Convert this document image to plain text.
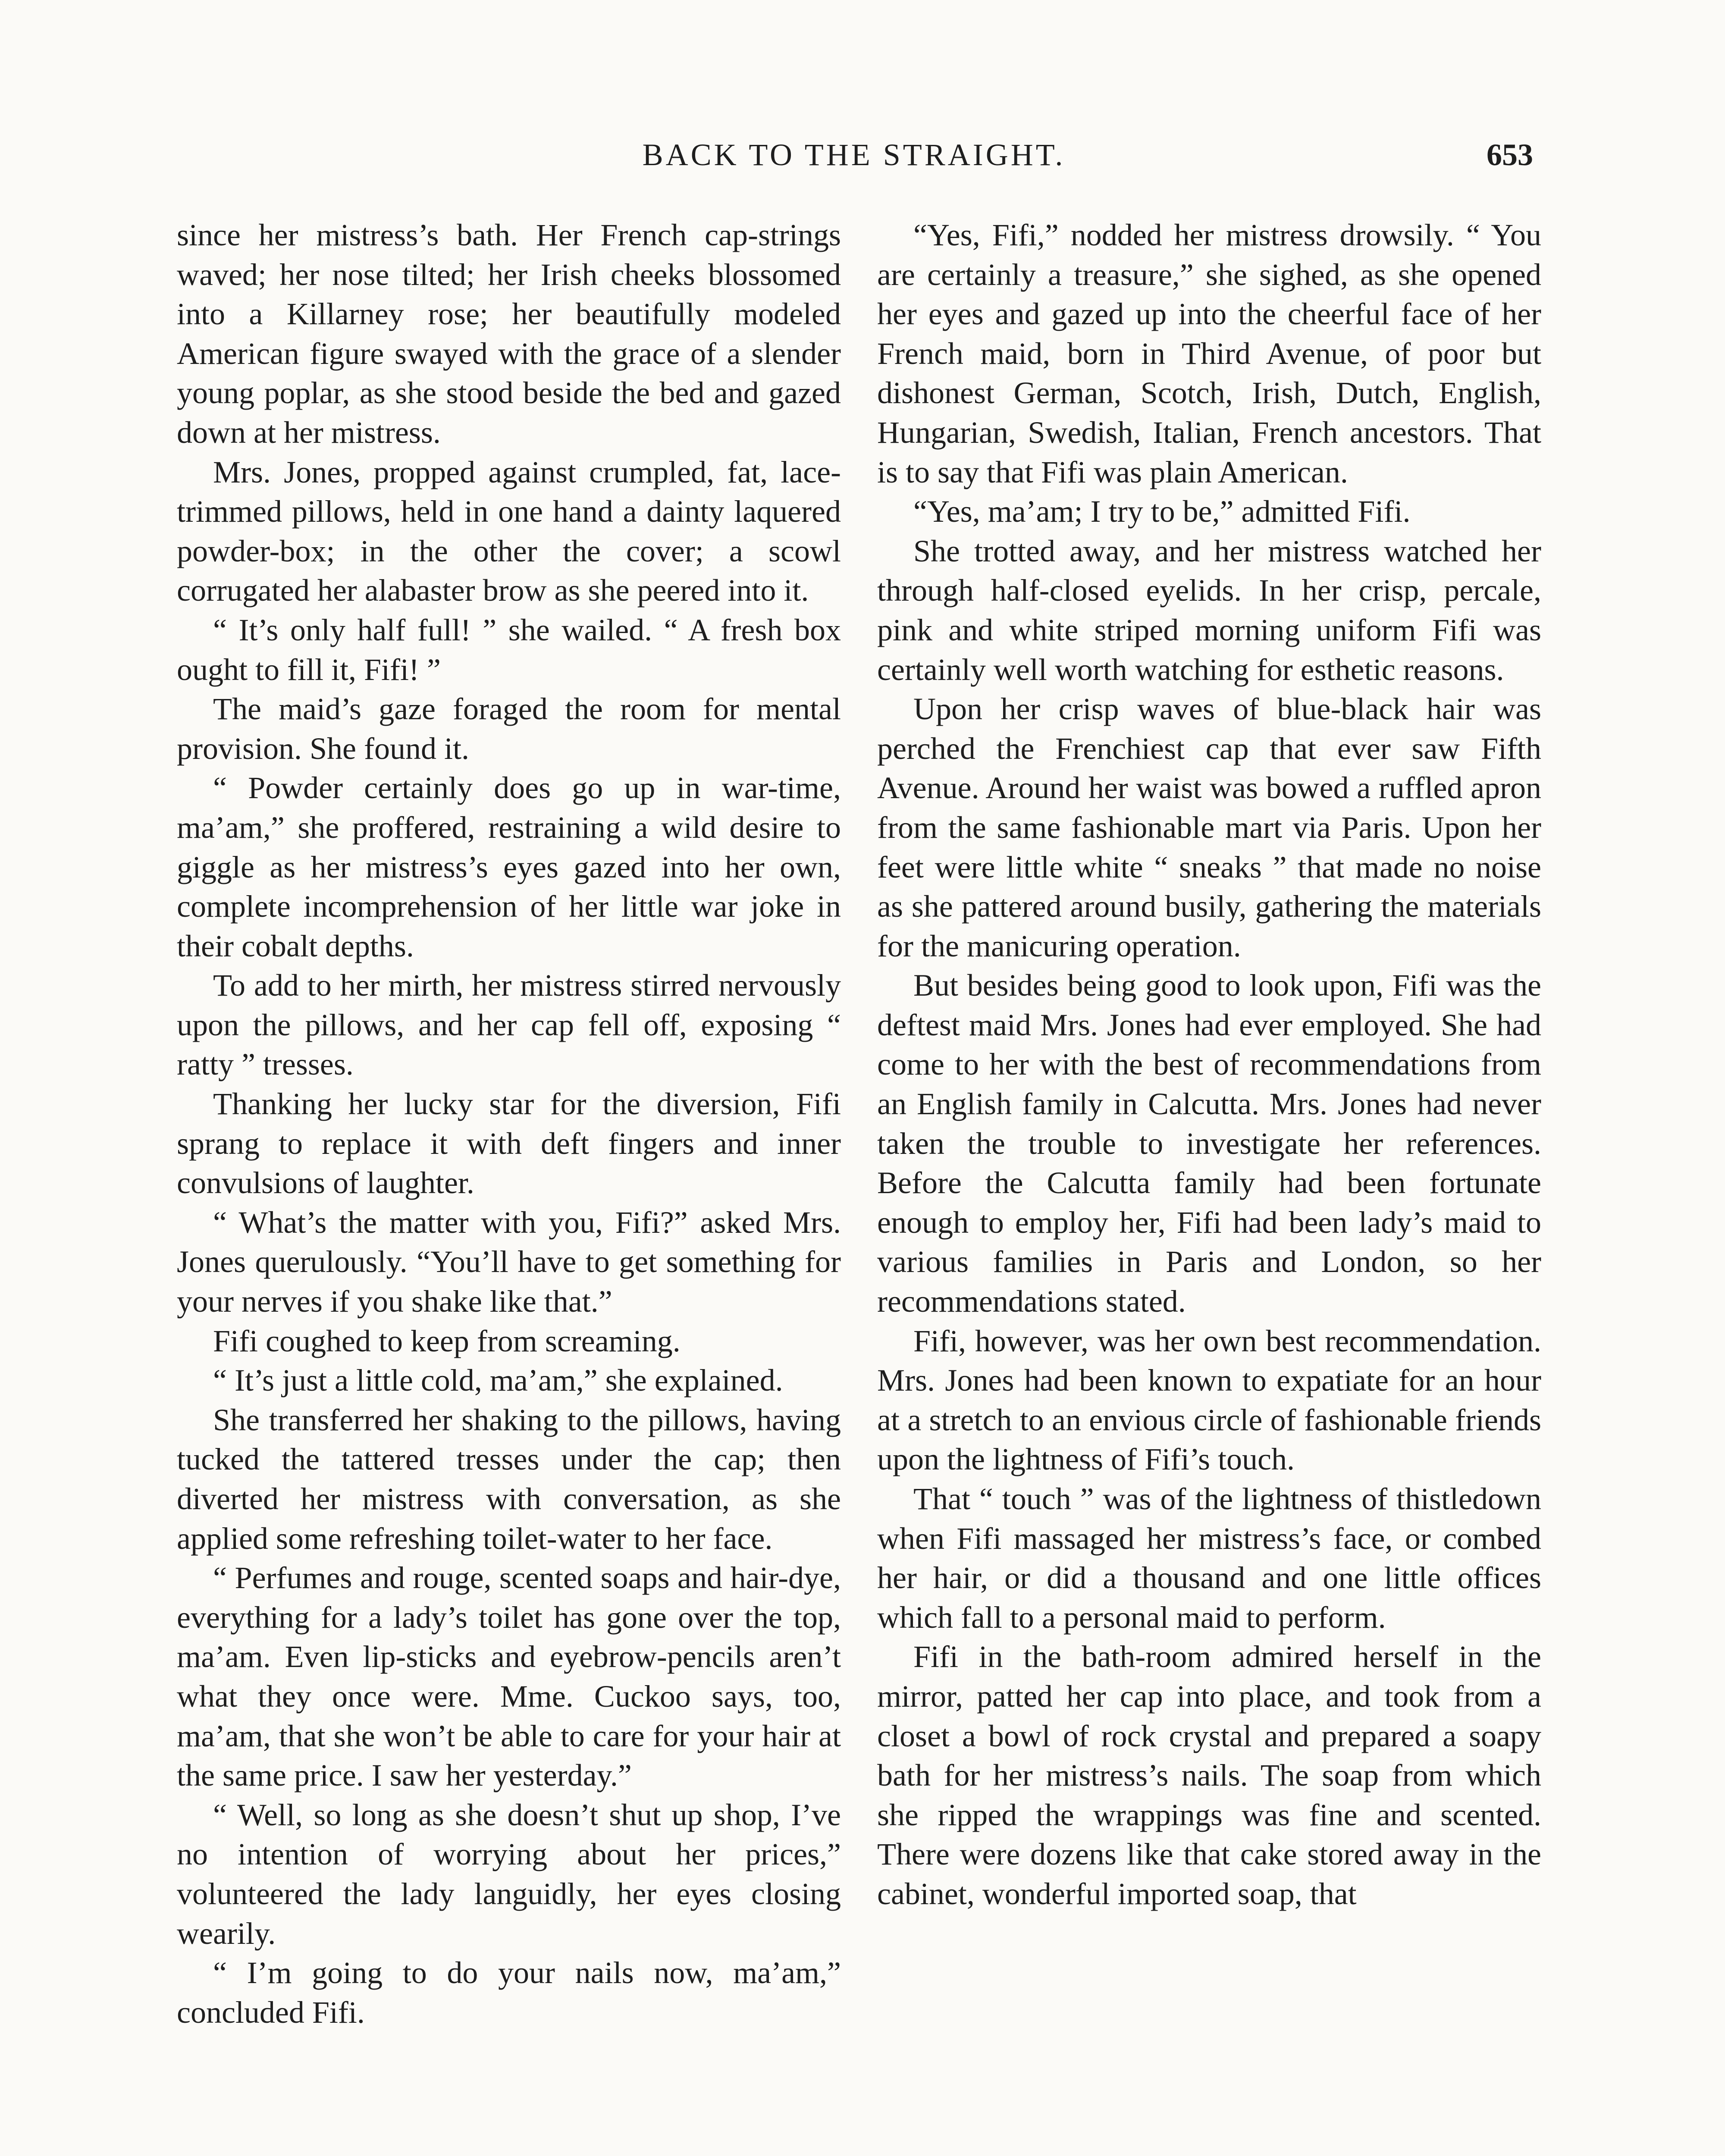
BACK TO THE STRAIGHT.	653

since her mistress’s bath. Her French cap-strings waved; her nose tilted; her Irish cheeks blossomed into a Killarney rose; her beautifully modeled American figure swayed with the grace of a slender young poplar, as she stood beside the bed and gazed down at her mistress.

Mrs. Jones, propped against crumpled, fat, lace-trimmed pillows, held in one hand a dainty laquered powder-box; in the other the cover; a scowl corrugated her alabaster brow as she peered into it.

“ It’s only half full! ” she wailed. “ A fresh box ought to fill it, Fifi! ”

The maid’s gaze foraged the room for mental provision. She found it.

“ Powder certainly does go up in war-time, ma’am,” she proffered, restraining a wild desire to giggle as her mistress’s eyes gazed into her own, complete incomprehension of her little war joke in their cobalt depths.

To add to her mirth, her mistress stirred nervously upon the pillows, and her cap fell off, exposing “ ratty ” tresses.

Thanking her lucky star for the diversion, Fifi sprang to replace it with deft fingers and inner convulsions of laughter.

“ What’s the matter with you, Fifi?” asked Mrs. Jones querulously. “You’ll have to get something for your nerves if you shake like that.”

Fifi coughed to keep from screaming.

“ It’s just a little cold, ma’am,” she explained.

She transferred her shaking to the pillows, having tucked the tattered tresses under the cap; then diverted her mistress with conversation, as she applied some refreshing toilet-water to her face.

“ Perfumes and rouge, scented soaps and hair-dye, everything for a lady’s toilet has gone over the top, ma’am. Even lip-sticks and eyebrow-pencils aren’t what they once were. Mme. Cuckoo says, too, ma’am, that she won’t be able to care for your hair at the same price. I saw her yesterday.”

“ Well, so long as she doesn’t shut up shop, I’ve no intention of worrying about her prices,” volunteered the lady languidly, her eyes closing wearily.

“ I’m going to do your nails now, ma’am,” concluded Fifi.

“Yes, Fifi,” nodded her mistress drowsily. “ You are certainly a treasure,” she sighed, as she opened her eyes and gazed up into the cheerful face of her French maid, born in Third Avenue, of poor but dishonest German, Scotch, Irish, Dutch, English, Hungarian, Swedish, Italian, French ancestors. That is to say that Fifi was plain American.

“Yes, ma’am; I try to be,” admitted Fifi.

She trotted away, and her mistress watched her through half-closed eyelids. In her crisp, percale, pink and white striped morning uniform Fifi was certainly well worth watching for esthetic reasons.

Upon her crisp waves of blue-black hair was perched the Frenchiest cap that ever saw Fifth Avenue. Around her waist was bowed a ruffled apron from the same fashionable mart via Paris. Upon her feet were little white “ sneaks ” that made no noise as she pattered around busily, gathering the materials for the manicuring operation.

But besides being good to look upon, Fifi was the deftest maid Mrs. Jones had ever employed. She had come to her with the best of recommendations from an English family in Calcutta. Mrs. Jones had never taken the trouble to investigate her references. Before the Calcutta family had been fortunate enough to employ her, Fifi had been lady’s maid to various families in Paris and London, so her recommendations stated.

Fifi, however, was her own best recommendation. Mrs. Jones had been known to expatiate for an hour at a stretch to an envious circle of fashionable friends upon the lightness of Fifi’s touch.

That “ touch ” was of the lightness of thistledown when Fifi massaged her mistress’s face, or combed her hair, or did a thousand and one little offices which fall to a personal maid to perform.

Fifi in the bath-room admired herself in the mirror, patted her cap into place, and took from a closet a bowl of rock crystal and prepared a soapy bath for her mistress’s nails. The soap from which she ripped the wrappings was fine and scented. There were dozens like that cake stored away in the cabinet, wonderful imported soap, that
